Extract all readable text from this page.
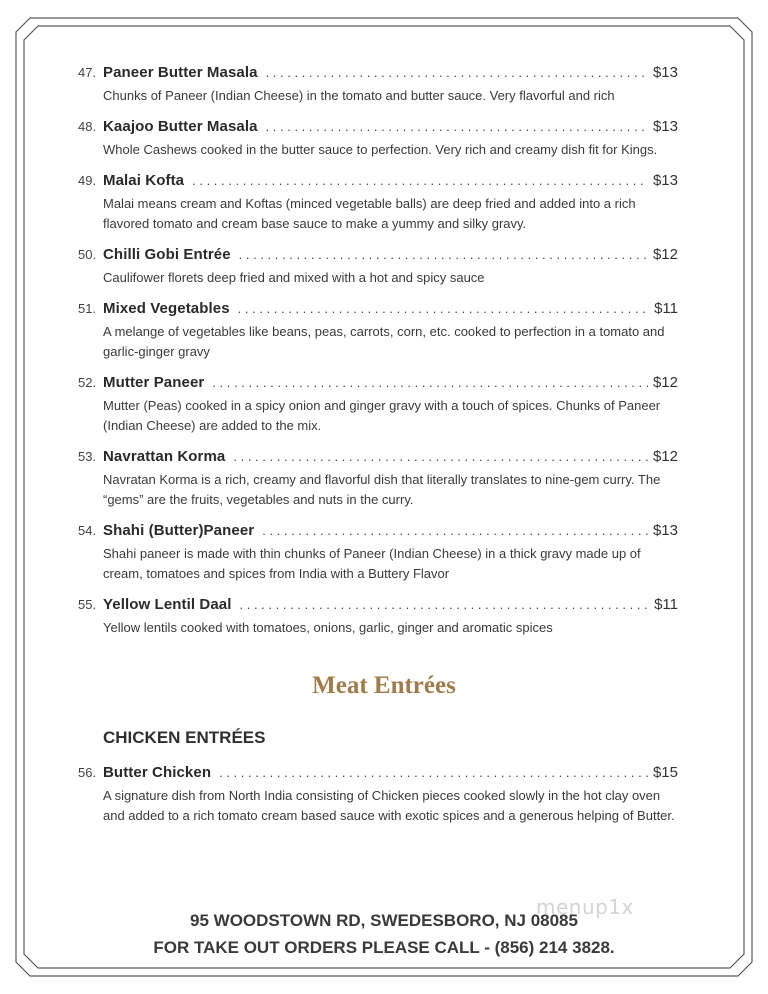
47. Paneer Butter Masala . . .	$13
Chunks of Paneer (Indian Cheese) in the tomato and butter sauce. Very flavorful and rich
48. Kaajoo Butter Masala . . .	$13
Whole Cashews cooked in the butter sauce to perfection. Very rich and creamy dish fit for Kings.
49. Malai Kofta . . .	$13
Malai means cream and Koftas (minced vegetable balls) are deep fried and added into a rich flavored tomato and cream base sauce to make a yummy and silky gravy.
50. Chilli Gobi Entrée . . .	$12
Caulifower florets deep fried and mixed with a hot and spicy sauce
51. Mixed Vegetables . . .	$11
A melange of vegetables like beans, peas, carrots, corn, etc. cooked to perfection in a tomato and garlic-ginger gravy
52. Mutter Paneer . . .	$12
Mutter (Peas) cooked in a spicy onion and ginger gravy with a touch of spices. Chunks of Paneer (Indian Cheese) are added to the mix.
53. Navrattan Korma . . .	$12
Navratan Korma is a rich, creamy and flavorful dish that literally translates to nine-gem curry. The “gems” are the fruits, vegetables and nuts in the curry.
54. Shahi (Butter)Paneer . . .	$13
Shahi paneer is made with thin chunks of Paneer (Indian Cheese) in a thick gravy made up of cream, tomatoes and spices from India with a Buttery Flavor
55. Yellow Lentil Daal . . .	$11
Yellow lentils cooked with tomatoes, onions, garlic, ginger and aromatic spices
Meat Entrées
CHICKEN ENTRÉES
56. Butter Chicken . . .	$15
A signature dish from North India consisting of Chicken pieces cooked slowly in the hot clay oven and added to a rich tomato cream based sauce with exotic spices and a generous helping of Butter.
menup1x
95 WOODSTOWN RD, SWEDESBORO, NJ 08085
FOR TAKE OUT ORDERS PLEASE CALL - (856) 214 3828.
